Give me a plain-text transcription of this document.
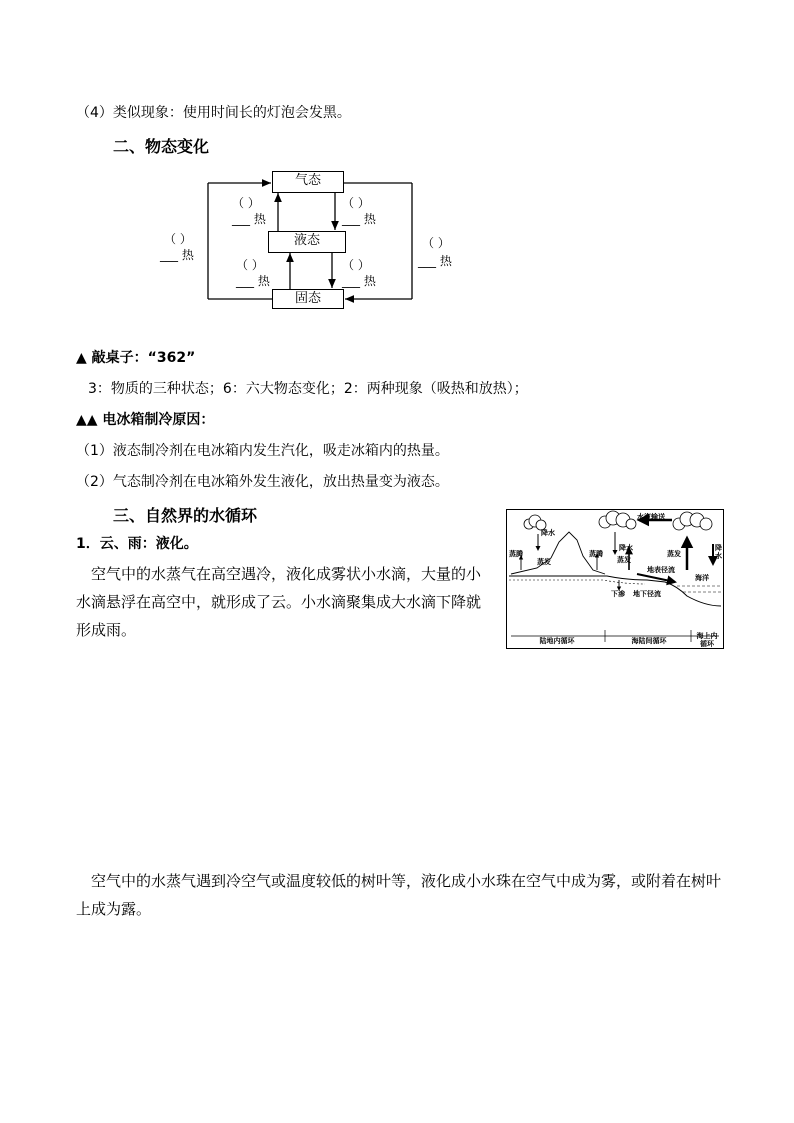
（4）类似现象：使用时间长的灯泡会发黑。
二、物态变化
气态
液态
固态
（ ）
___ 热
（ ）
___ 热
（ ）
___ 热
（ ）
___ 热
（ ）
___ 热
（ ）
___ 热
▲ 敲桌子：“362”
3：物质的三种状态；6：六大物态变化；2：两种现象（吸热和放热）；
▲▲ 电冰箱制冷原因：
（1）液态制冷剂在电冰箱内发生汽化，吸走冰箱内的热量。
（2）气态制冷剂在电冰箱外发生液化，放出热量变为液态。
三、自然界的水循环
1．云、雨：液化。
空气中的水蒸气在高空遇冷，液化成雾状小水滴，大量的小水滴悬浮在高空中，就形成了云。小水滴聚集成大水滴下降就形成雨。
水汽输送
降水
降水	降水
蒸腾
蒸发
蒸腾
蒸发
蒸发
地表径流
海洋
下渗 地下径流
陆地内循环	海陆间循环
海上内循环
空气中的水蒸气遇到冷空气或温度较低的树叶等，液化成小水珠在空气中成为雾，或附着在树叶上成为露。
